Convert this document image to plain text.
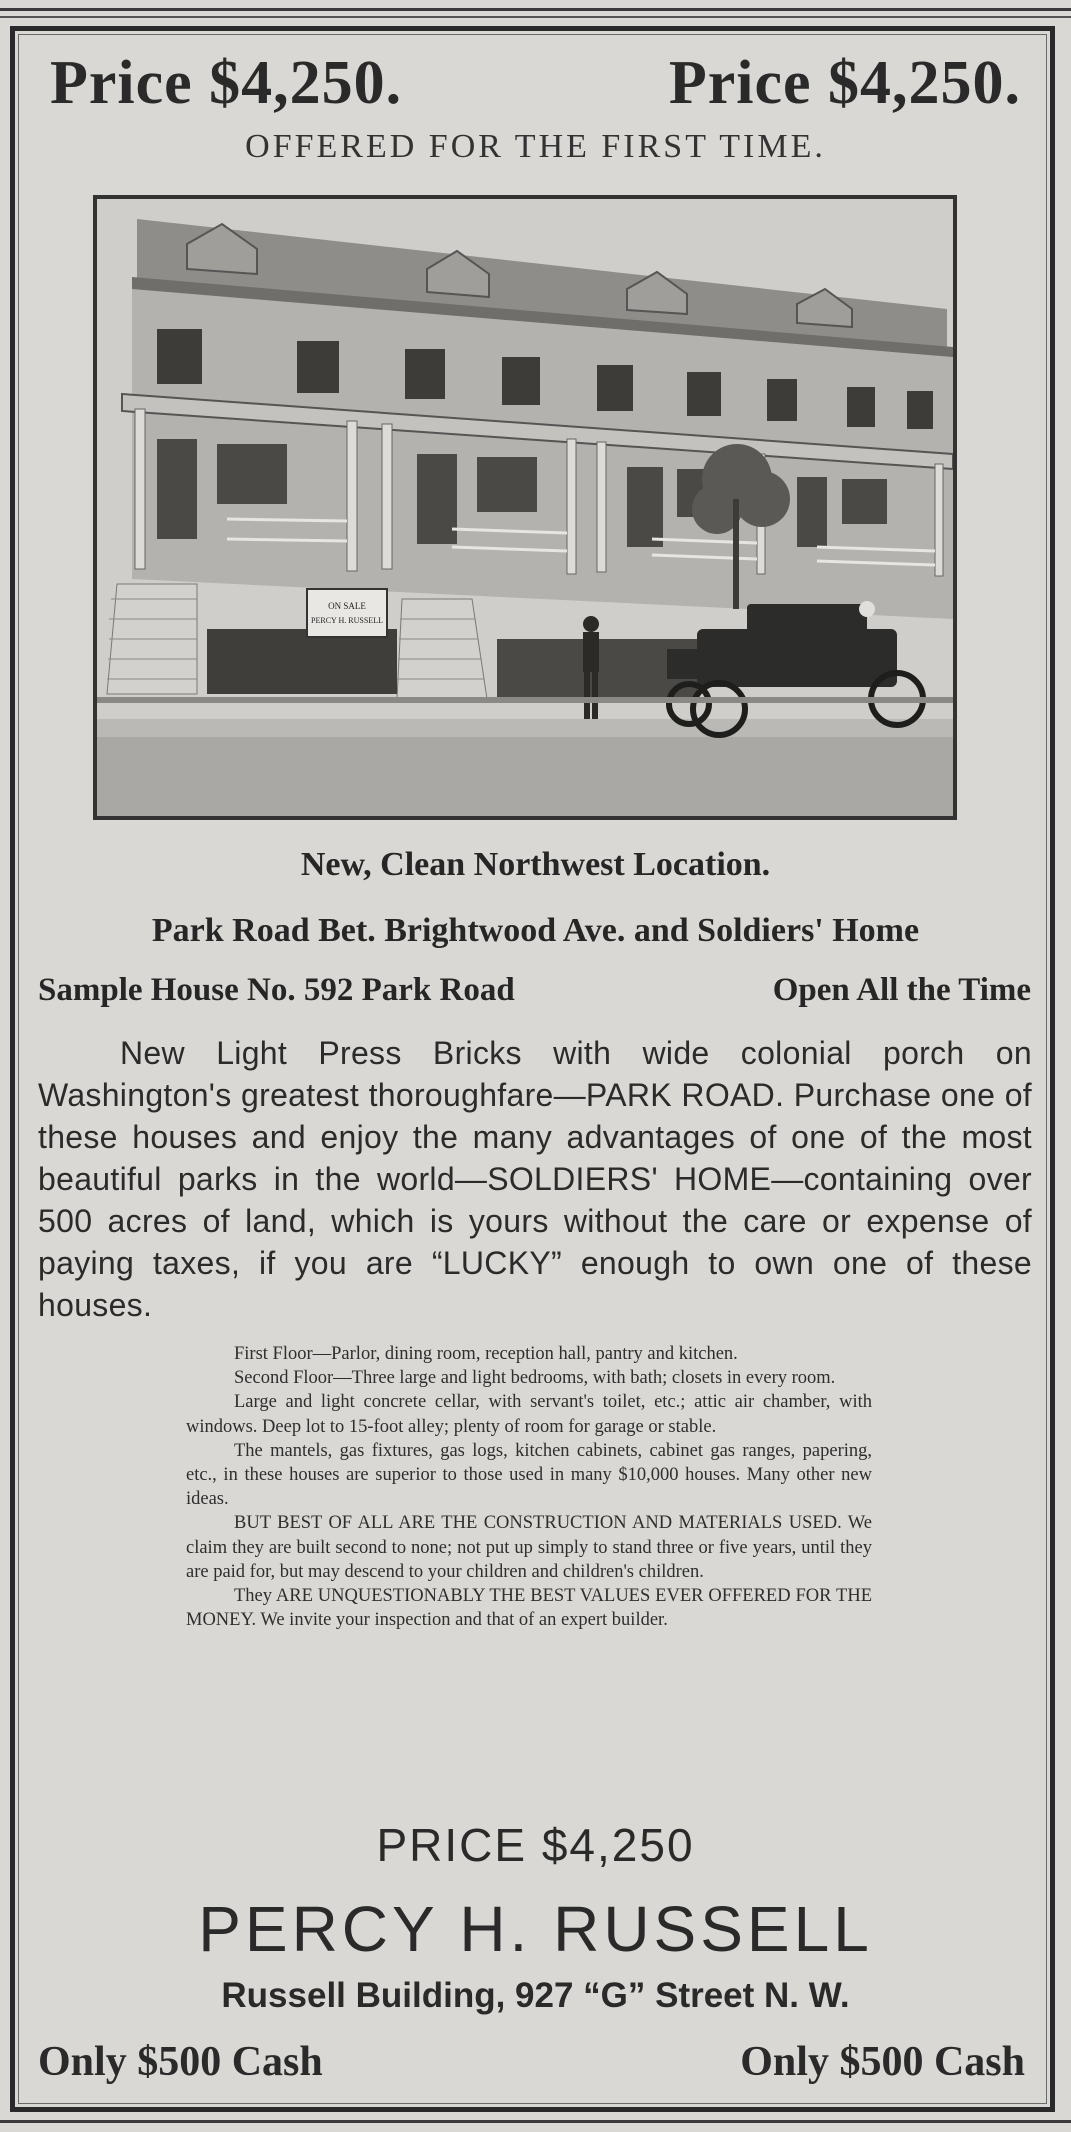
Price $4,250.	Price $4,250.
OFFERED FOR THE FIRST TIME.
ON SALE
PERCY H. RUSSELL
New, Clean Northwest Location.
Park Road Bet. Brightwood Ave. and Soldiers' Home
Sample House No. 592 Park Road	Open All the Time
New Light Press Bricks with wide colonial porch on Washington's greatest thoroughfare—PARK ROAD. Purchase one of these houses and enjoy the many advantages of one of the most beautiful parks in the world—SOLDIERS' HOME—containing over 500 acres of land, which is yours without the care or expense of paying taxes, if you are “LUCKY” enough to own one of these houses.

First Floor—Parlor, dining room, reception hall, pantry and kitchen.

Second Floor—Three large and light bedrooms, with bath; closets in every room.

Large and light concrete cellar, with servant's toilet, etc.; attic air chamber, with windows. Deep lot to 15-foot alley; plenty of room for garage or stable.

The mantels, gas fixtures, gas logs, kitchen cabinets, cabinet gas ranges, papering, etc., in these houses are superior to those used in many $10,000 houses. Many other new ideas.

BUT BEST OF ALL ARE THE CONSTRUCTION AND MATERIALS USED. We claim they are built second to none; not put up simply to stand three or five years, until they are paid for, but may descend to your children and children's children.

They ARE UNQUESTIONABLY THE BEST VALUES EVER OFFERED FOR THE MONEY. We invite your inspection and that of an expert builder.

PRICE $4,250
PERCY H. RUSSELL
Russell Building, 927 “G” Street N. W.
Only $500 Cash	Only $500 Cash
